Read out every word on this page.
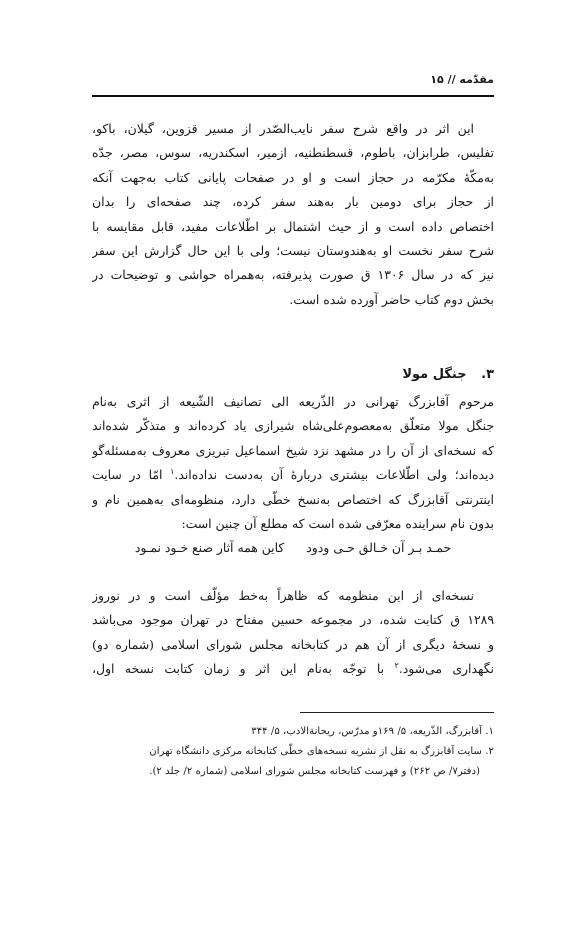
مقدّمه // ۱۵
این اثر در واقع شرح سفر نایب‌الصّدر از مسیر قزوین، گیلان، باکو،
تفلیس، طرابزان، باطوم، قسطنطنیه، ازمیر، اسکندریه، سوس، مصر، جدّه
به‌مکّهٔ مکرّمه در حجاز است و او در صفحات پایانی کتاب به‌جهت آنکه
از حجاز برای دومین بار به‌هند سفر کرده، چند صفحه‌ای را بدان
اختصاص داده است و از حیث اشتمال بر اطّلاعات مفید، قابل مقایسه با
شرح سفر نخست او به‌هندوستان نیست؛ ولی با این حال گزارش این سفر
نیز که در سال ۱۳۰۶ ق صورت پذیرفته، به‌همراه حواشی و توضیحات در
بخش دوم کتاب حاضر آورده شده است.
۳. جنگل مولا
مرحوم آقابزرگ تهرانی در الذّریعه الی تصانیف الشّیعه از اثری به‌نام
جنگل مولا متعلّق به‌معصوم‌علی‌شاه شیرازی یاد کرده‌اند و متذکّر شده‌اند
که نسخه‌ای از آن را در مشهد نزد شیخ اسماعیل تبریزی معروف به‌مسئله‌گو
دیده‌اند؛ ولی اطّلاعات بیشتری دربارهٔ آن به‌دست نداده‌اند.$^۱$ امّا در سایت
اینترنتی آقابزرگ که اختصاص به‌نسخ خطّی دارد، منظومه‌ای به‌همین نام و
بدون نام سراینده معرّفی شده است که مطلع آن چنین است:
حمـد بـر آن خـالق حـی ودود
کاین همه آثار صنع خـود نمـود
نسخه‌ای از این منظومه که ظاهراً به‌خط مؤلّف است و در نوروز
۱۲۸۹ ق کتابت شده، در مجموعه حسین مفتاح در تهران موجود می‌باشد
و نسخهٔ دیگری از آن هم در کتابخانه مجلس شورای اسلامی (شماره دو)
نگهداری می‌شود.$^۲$ با توجّه به‌نام این اثر و زمان کتابت نسخه اول،
۱. آقابزرگ، الذّریعه، ۵/ ۱۶۹و مدرّس، ریحانةالادب، ۵/ ۳۴۴
۲. سایت آقابزرگ به نقل از نشریه نسخه‌های خطّی کتابخانه مرکزی دانشگاه تهران
(دفتر۷/ ص ۲۶۲) و فهرست کتابخانه مجلس شورای اسلامی (شماره ۲/ جلد ۲).
